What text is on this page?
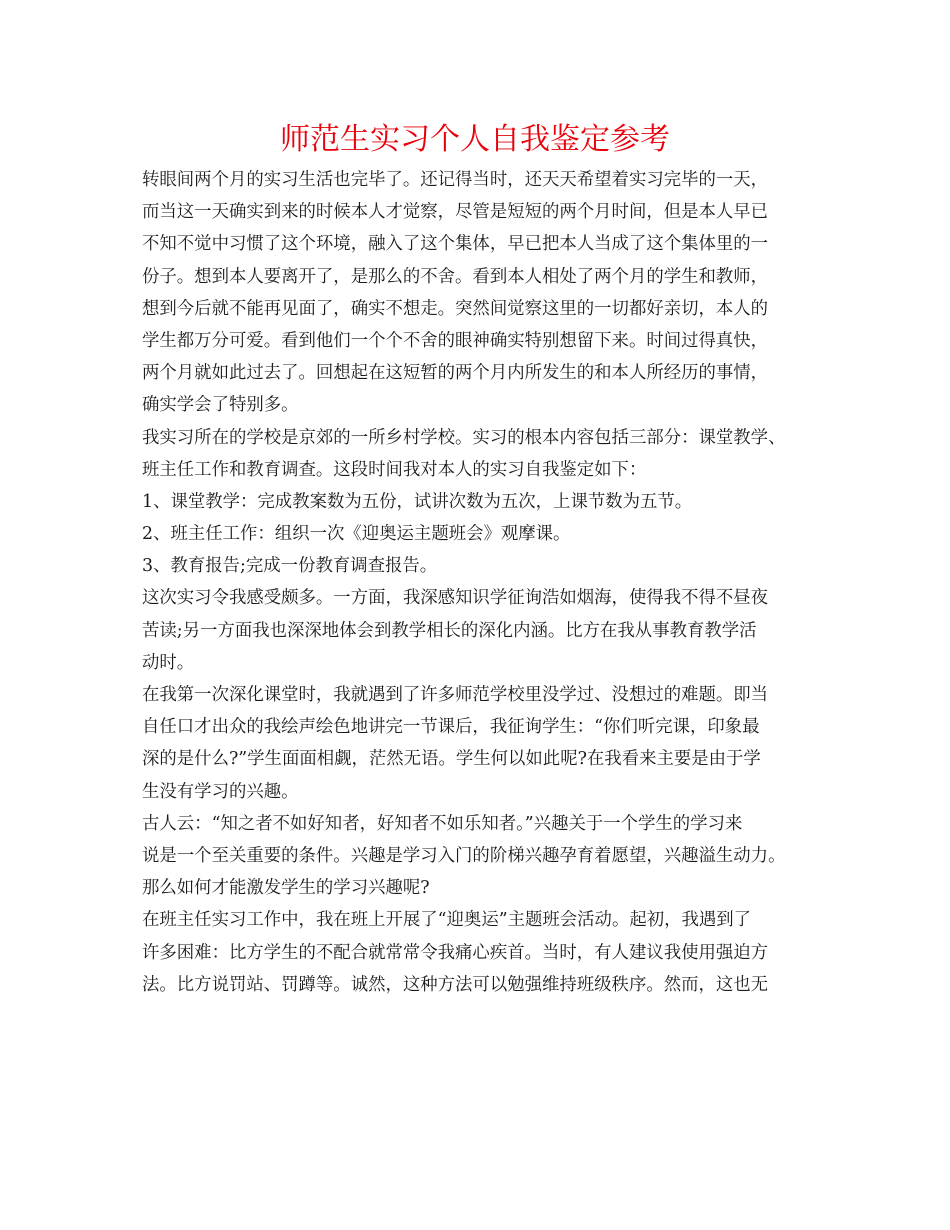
师范生实习个人自我鉴定参考
转眼间两个月的实习生活也完毕了。还记得当时，还天天希望着实习完毕的一天，
而当这一天确实到来的时候本人才觉察，尽管是短短的两个月时间，但是本人早已
不知不觉中习惯了这个环境，融入了这个集体，早已把本人当成了这个集体里的一
份子。想到本人要离开了，是那么的不舍。看到本人相处了两个月的学生和教师，
想到今后就不能再见面了，确实不想走。突然间觉察这里的一切都好亲切，本人的
学生都万分可爱。看到他们一个个不舍的眼神确实特别想留下来。时间过得真快，
两个月就如此过去了。回想起在这短暂的两个月内所发生的和本人所经历的事情，
确实学会了特别多。
我实习所在的学校是京郊的一所乡村学校。实习的根本内容包括三部分：课堂教学、
班主任工作和教育调查。这段时间我对本人的实习自我鉴定如下：
1、课堂教学：完成教案数为五份，试讲次数为五次，上课节数为五节。
2、班主任工作：组织一次《迎奥运主题班会》观摩课。
3、教育报告;完成一份教育调查报告。
这次实习令我感受颇多。一方面，我深感知识学征询浩如烟海，使得我不得不昼夜
苦读;另一方面我也深深地体会到教学相长的深化内涵。比方在我从事教育教学活
动时。
在我第一次深化课堂时，我就遇到了许多师范学校里没学过、没想过的难题。即当
自任口才出众的我绘声绘色地讲完一节课后，我征询学生：“你们听完课，印象最
深的是什么?”学生面面相觑，茫然无语。学生何以如此呢?在我看来主要是由于学
生没有学习的兴趣。
古人云：“知之者不如好知者，好知者不如乐知者。”兴趣关于一个学生的学习来
说是一个至关重要的条件。兴趣是学习入门的阶梯兴趣孕育着愿望，兴趣溢生动力。
那么如何才能激发学生的学习兴趣呢?
在班主任实习工作中，我在班上开展了“迎奥运”主题班会活动。起初，我遇到了
许多困难：比方学生的不配合就常常令我痛心疾首。当时，有人建议我使用强迫方
法。比方说罚站、罚蹲等。诚然，这种方法可以勉强维持班级秩序。然而，这也无
